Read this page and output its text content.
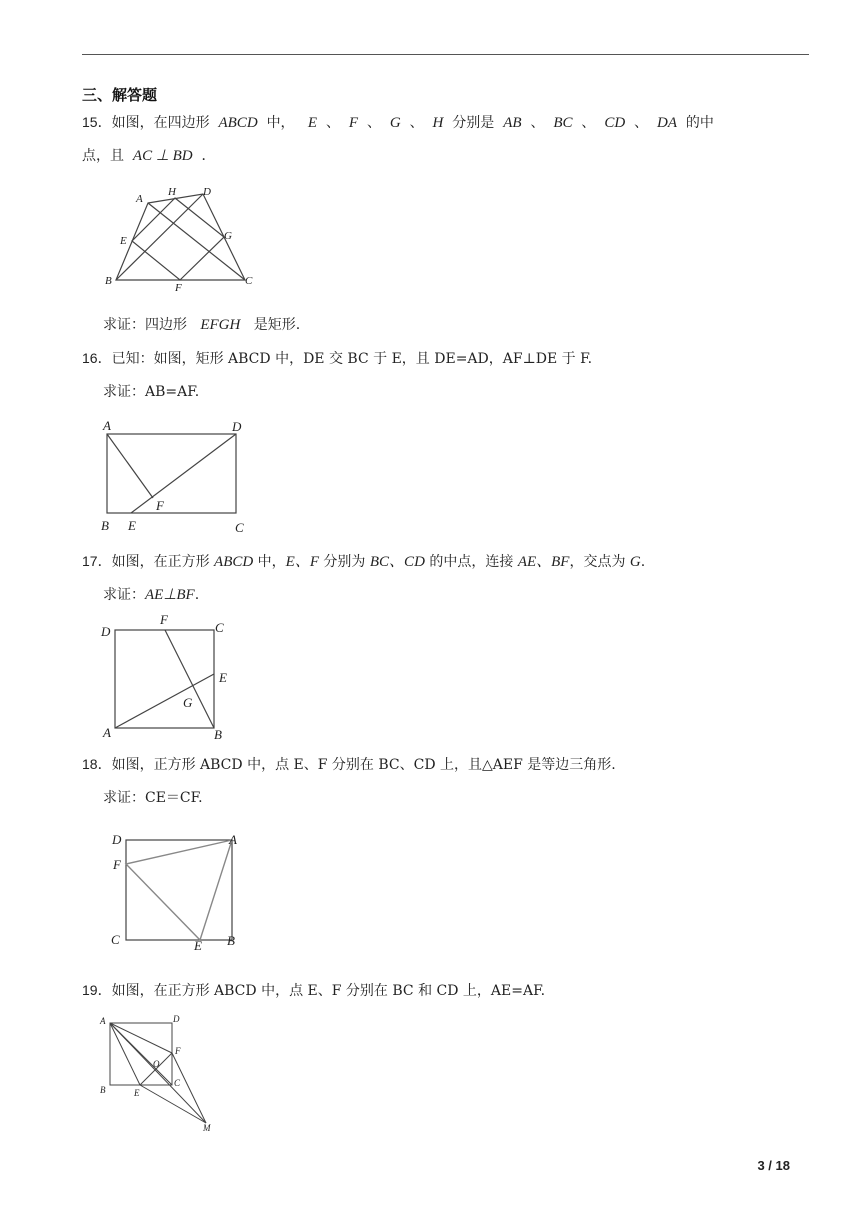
三、解答题
15．如图，在四边形 ABCD 中， E 、 F 、 G 、 H 分别是 AB 、 BC 、 CD 、 DA 的中
点，且 AC ⊥ BD ．
A
H D
E	G
B
F
C
求证：四边形 EFGH 是矩形.
16．已知：如图，矩形 ABCD 中，DE 交 BC 于 E，且 DE=AD，AF⊥DE 于 F.
求证：AB=AF.
A	D
F
B E	C
17．如图，在正方形 ABCD 中，E、F 分别为 BC、CD 的中点，连接 AE、BF，交点为 G.
求证：AE⊥BF.
D
F
C
E
G
A	B
18．如图，正方形 ABCD 中，点 E、F 分别在 BC、CD 上，且△AEF 是等边三角形.
求证：CE＝CF.
D	A
F
C	E B
19．如图，在正方形 ABCD 中，点 E、F 分别在 BC 和 CD 上，AE=AF.
A	D
F
O
B	E
C
M
3 / 18
